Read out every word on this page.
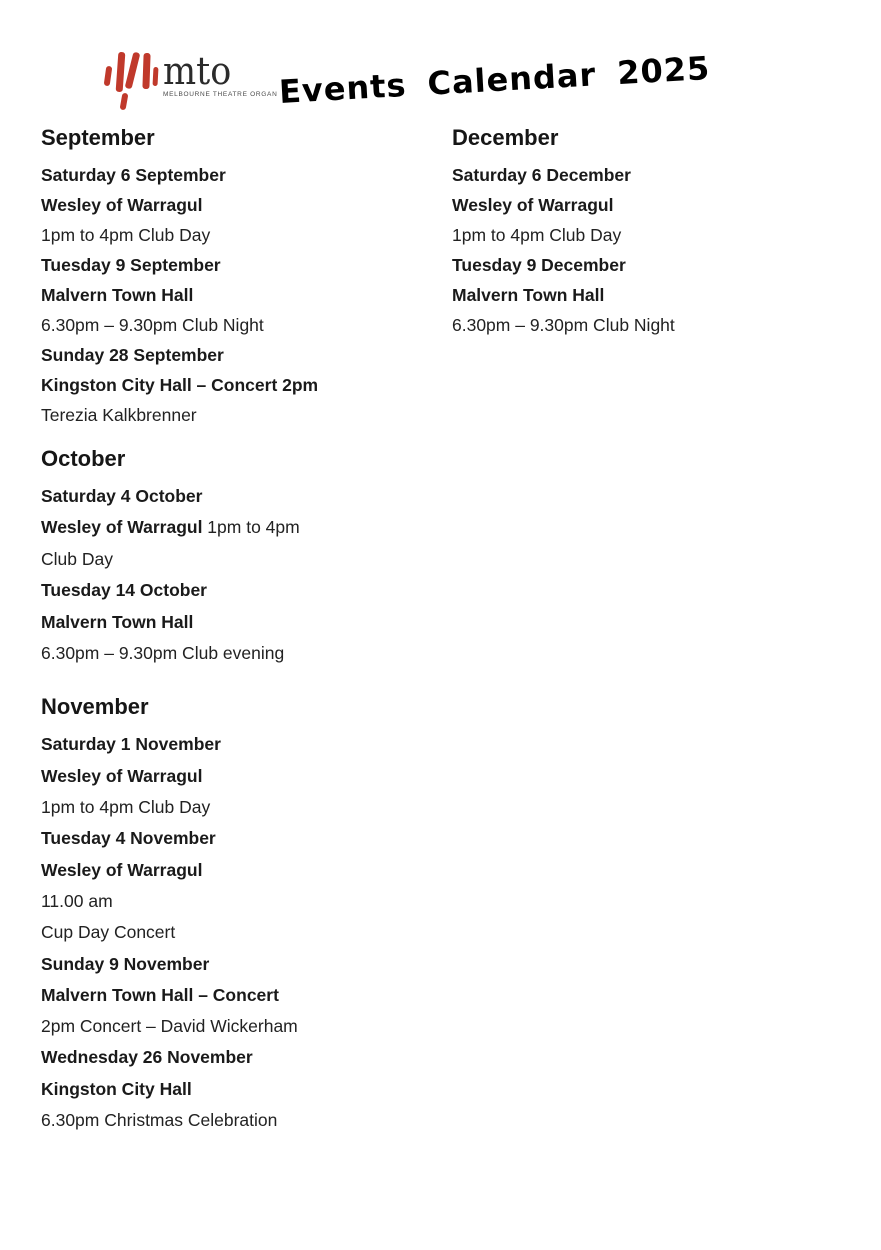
mto
MELBOURNE THEATRE ORGAN Events Calendar 2025
September

Saturday 6 September

Wesley of Warragul

1pm to 4pm Club Day

Tuesday 9 September

Malvern Town Hall

6.30pm – 9.30pm Club Night

Sunday 28 September

Kingston City Hall – Concert 2pm

Terezia Kalkbrenner

October

Saturday 4 October

Wesley of Warragul 1pm to 4pm

Club Day

Tuesday 14 October

Malvern Town Hall

6.30pm – 9.30pm Club evening

November

Saturday 1 November

Wesley of Warragul

1pm to 4pm Club Day

Tuesday 4 November

Wesley of Warragul

11.00 am

Cup Day Concert

Sunday 9 November

Malvern Town Hall – Concert

2pm Concert – David Wickerham

Wednesday 26 November

Kingston City Hall

6.30pm Christmas Celebration

December

Saturday 6 December

Wesley of Warragul

1pm to 4pm Club Day

Tuesday 9 December

Malvern Town Hall

6.30pm – 9.30pm Club Night
